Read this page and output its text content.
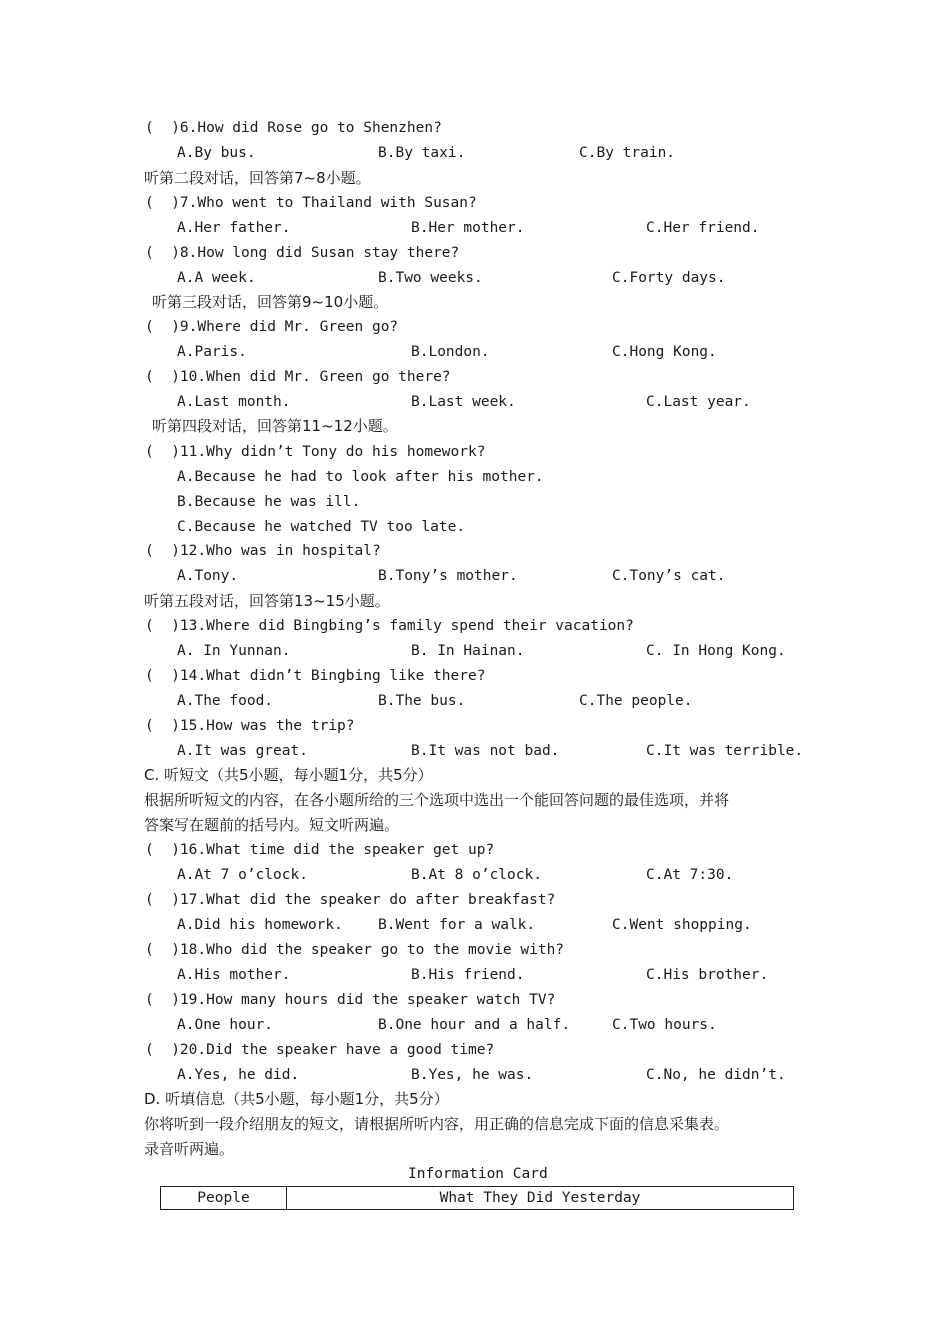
(  )6.How did Rose go to Shenzhen?
A.By bus.	B.By taxi.	C.By train.
听第二段对话，回答第7~8小题。
(  )7.Who went to Thailand with Susan?
A.Her father.	B.Her mother.	C.Her friend.
(  )8.How long did Susan stay there?
A.A week.	B.Two weeks.	C.Forty days.
听第三段对话，回答第9~10小题。
(  )9.Where did Mr. Green go?
A.Paris.	B.London.	C.Hong Kong.
(  )10.When did Mr. Green go there?
A.Last month.	B.Last week.	C.Last year.
听第四段对话，回答第11~12小题。
(  )11.Why didn’t Tony do his homework?
A.Because he had to look after his mother.
B.Because he was ill.
C.Because he watched TV too late.
(  )12.Who was in hospital?
A.Tony.	B.Tony’s mother.	C.Tony’s cat.
听第五段对话，回答第13~15小题。
(  )13.Where did Bingbing’s family spend their vacation?
A. In Yunnan.	B. In Hainan.	C. In Hong Kong.
(  )14.What didn’t Bingbing like there?
A.The food.	B.The bus.	C.The people.
(  )15.How was the trip?
A.It was great.	B.It was not bad.	C.It was terrible.
C. 听短文（共5小题，每小题1分，共5分）
根据所听短文的内容，在各小题所给的三个选项中选出一个能回答问题的最佳选项，并将
答案写在题前的括号内。短文听两遍。
(  )16.What time did the speaker get up?
A.At 7 o’clock.	B.At 8 o’clock.	C.At 7:30.
(  )17.What did the speaker do after breakfast?
A.Did his homework. B.Went for a walk.	C.Went shopping.
(  )18.Who did the speaker go to the movie with?
A.His mother.	B.His friend.	C.His brother.
(  )19.How many hours did the speaker watch TV?
A.One hour.	B.One hour and a half.	C.Two hours.
(  )20.Did the speaker have a good time?
A.Yes, he did.	B.Yes, he was.	C.No, he didn’t.
D. 听填信息（共5小题，每小题1分，共5分）
你将听到一段介绍朋友的短文，请根据所听内容，用正确的信息完成下面的信息采集表。
录音听两遍。
Information Card
People	What They Did Yesterday
